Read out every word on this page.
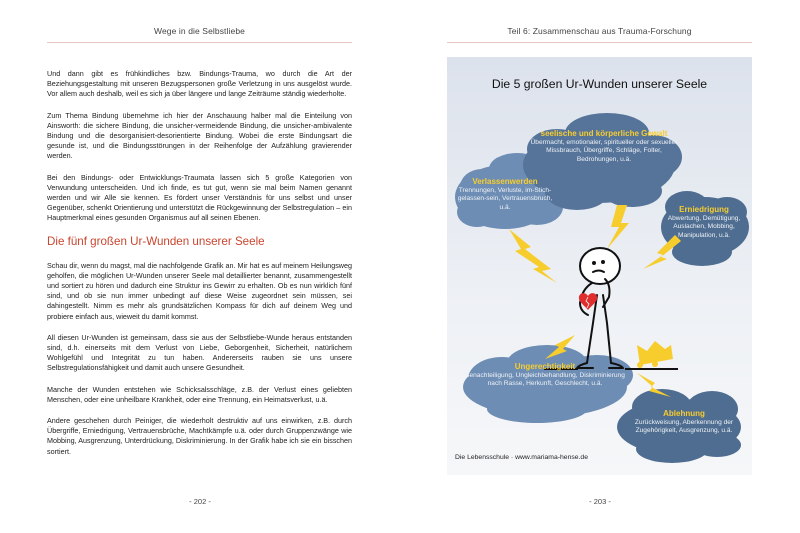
Wege in die Selbstliebe

Und dann gibt es frühkindliches bzw. Bindungs-Trauma, wo durch die Art der Beziehungsgestaltung mit unseren Bezugspersonen große Verletzung in uns ausgelöst wurde. Vor allem auch deshalb, weil es sich ja über längere und lange Zeiträume ständig wiederholte.

Zum Thema Bindung übernehme ich hier der Anschauung halber mal die Einteilung von Ainsworth: die sichere Bindung, die unsicher-vermeidende Bindung, die unsicher-ambivalente Bindung und die desorganisiert-desorientierte Bindung. Wobei die erste Bindungsart die gesunde ist, und die Bindungsstörungen in der Reihenfolge der Aufzählung gravierender werden.

Bei den Bindungs- oder Entwicklungs-Traumata lassen sich 5 große Kategorien von Verwundung unterscheiden. Und ich finde, es tut gut, wenn sie mal beim Namen genannt werden und wir Alle sie kennen. Es fördert unser Verständnis für uns selbst und unser Gegenüber, schenkt Orientierung und unterstützt die Rückgewinnung der Selbstregulation – ein Hauptmerkmal eines gesunden Organismus auf all seinen Ebenen.

Die fünf großen Ur-Wunden unserer Seele

Schau dir, wenn du magst, mal die nachfolgende Grafik an. Mir hat es auf meinem Heilungsweg geholfen, die möglichen Ur-Wunden unserer Seele mal detaillierter benannt, zusammengestellt und sortiert zu hören und dadurch eine Struktur ins Gewirr zu erhalten. Ob es nun wirklich fünf sind, und ob sie nun immer unbedingt auf diese Weise zugeordnet sein müssen, sei dahingestellt. Nimm es mehr als grundsätzlichen Kompass für dich auf deinem Weg und probiere einfach aus, wieweit du damit kommst.

All diesen Ur-Wunden ist gemeinsam, dass sie aus der Selbstliebe-Wunde heraus entstanden sind, d.h. einerseits mit dem Verlust von Liebe, Geborgenheit, Sicherheit, natürlichem Wohlgefühl und Integrität zu tun haben. Andererseits rauben sie uns unsere Selbstregulationsfähigkeit und damit auch unsere Gesundheit.

Manche der Wunden entstehen wie Schicksalsschläge, z.B. der Verlust eines geliebten Menschen, oder eine unheilbare Krankheit, oder eine Trennung, ein Heimatsverlust, u.ä.

Andere geschehen durch Peiniger, die wiederholt destruktiv auf uns einwirken, z.B. durch Übergriffe, Erniedrigung, Vertrauensbrüche, Machtkämpfe u.ä. oder durch Gruppenzwänge wie Mobbing, Ausgrenzung, Unterdrückung, Diskriminierung. In der Grafik habe ich sie ein bisschen sortiert.

- 202 -
Teil 6: Zusammenschau aus Trauma-Forschung
Die 5 großen Ur-Wunden unserer Seele
seelische und körperliche Gewalt
Übermacht, emotionaler, spiritueller oder sexueller Missbrauch, Übergriffe, Schläge, Folter, Bedrohungen, u.ä.
Verlassenwerden
Trennungen, Verluste, im-Stich-gelassen-sein, Vertrauensbruch, u.ä.	Erniedrigung
Abwertung, Demütigung, Auslachen, Mobbing, Manipulation, u.ä.
Ungerechtigkeit
Benachteiligung, Ungleichbehandlung, Diskriminierung nach Rasse, Herkunft, Geschlecht, u.ä.
Ablehnung
Zurückweisung, Aberkennung der Zugehörigkeit, Ausgrenzung, u.ä.
Die Lebensschule · www.mariama-hense.de
- 203 -
